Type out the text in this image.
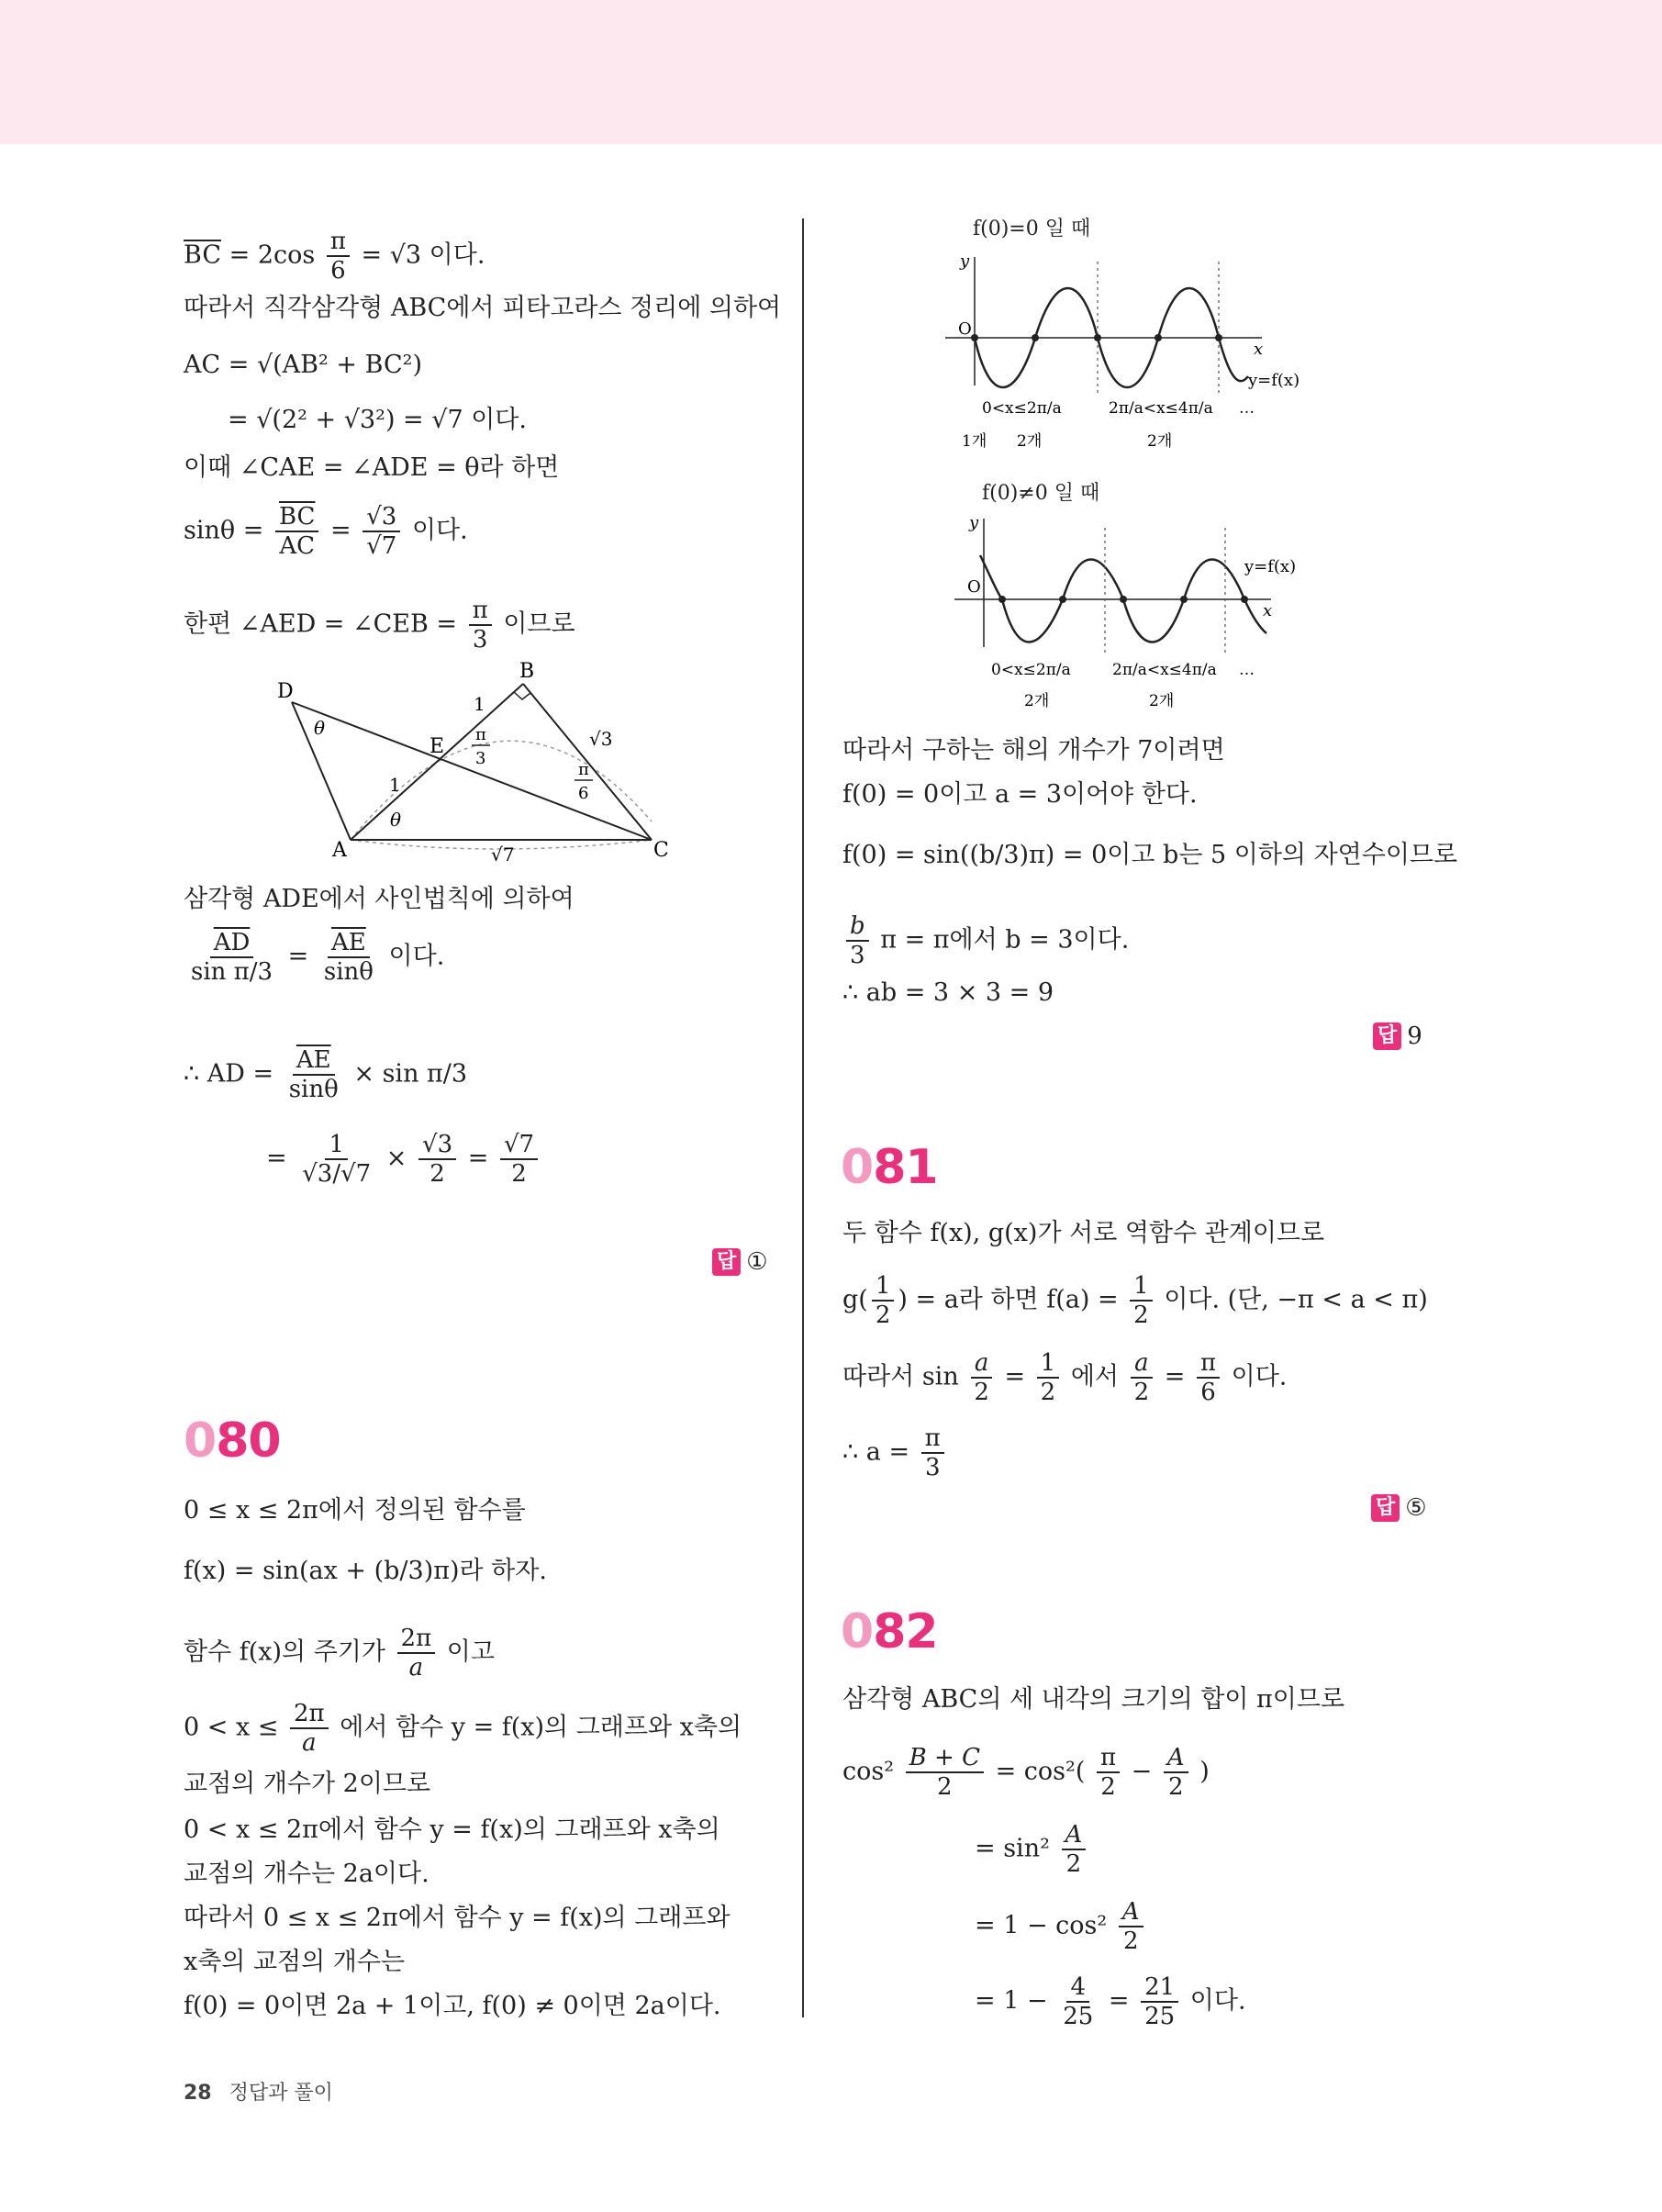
$\overline{BC} = 2\cos \frac{\pi}{6} = √3$ 이다.
따라서 직각삼각형 ABC에서 피타고라스 정리에 의하여
AC = √(AB² + BC²)
= √(2² + √3²) = √7 이다.
이때 ∠CAE = ∠ADE = θ라 하면
$\sin\theta = \frac{\overline{BC}}{AC} = \frac{√3}{√7}$ 이다.
한편 ∠AED = ∠CEB = $\frac{\pi}{3}$ 이므로
D
B
E
A	C
1
1
θ
θ
π
3
π
6
√3
√7
삼각형 ADE에서 사인법칙에 의하여
$\frac{\overline{AD}}{\text{sin π/3}} = \frac{\overline{AE}}{\sin\theta}$ 이다.
∴ AD = $\frac{\overline{AE}}{\sin\theta} \times \sin \pi/3$
= $\frac{1}{√3/√7} \times \frac{√3}{2} = \frac{√7}{2}$
답 ①
080
0 ≤ x ≤ 2π에서 정의된 함수를
f(x) = sin(ax + (b/3)π)라 하자.
함수 f(x)의 주기가 $\frac{2\pi}{a}$ 이고
$0 < x \le \frac{2\pi}{a}$ 에서 함수 y = f(x)의 그래프와 x축의
교점의 개수가 2이므로
0 < x ≤ 2π에서 함수 y = f(x)의 그래프와 x축의
교점의 개수는 2a이다.
따라서 0 ≤ x ≤ 2π에서 함수 y = f(x)의 그래프와
x축의 교점의 개수는
f(0) = 0이면 2a + 1이고, f(0) ≠ 0이면 2a이다.
f(0)=0 일 때
y
x
O
y=f(x)
0<x≤2π/a	2π/a<x≤4π/a …
1개 2개	2개
f(0)≠0 일 때
y
x
O
y=f(x)
0<x≤2π/a	2π/a<x≤4π/a …
2개	2개
따라서 구하는 해의 개수가 7이려면
f(0) = 0이고 a = 3이어야 한다.
f(0) = sin((b/3)π) = 0이고 b는 5 이하의 자연수이므로
$\frac{b}{3}$ π = π에서 b = 3이다.
∴ ab = 3 × 3 = 9
답 9
081
두 함수 f(x), g(x)가 서로 역함수 관계이므로
$g( \frac{1}{2}$ ) = a라 하면 $f(a) = \frac{1}{2}$ 이다. (단, −π < a < π)
따라서 $\sin \frac{a}{2} = \frac{1}{2}$ 에서 $\frac{a}{2} = \frac{\pi}{6}$ 이다.
∴ $a = \frac{\pi}{3}$
답 ⑤
082
삼각형 ABC의 세 내각의 크기의 합이 π이므로
$\cos^2 \frac{B + C}{2} = \cos^2( \frac{\pi}{2} - \frac{A}{2}$ )
= $\sin^2 \frac{A}{2}$
= $1 - \cos^2 \frac{A}{2}$
= $1 - \frac{4}{25} = \frac{21}{25}$ 이다.
28 정답과 풀이
